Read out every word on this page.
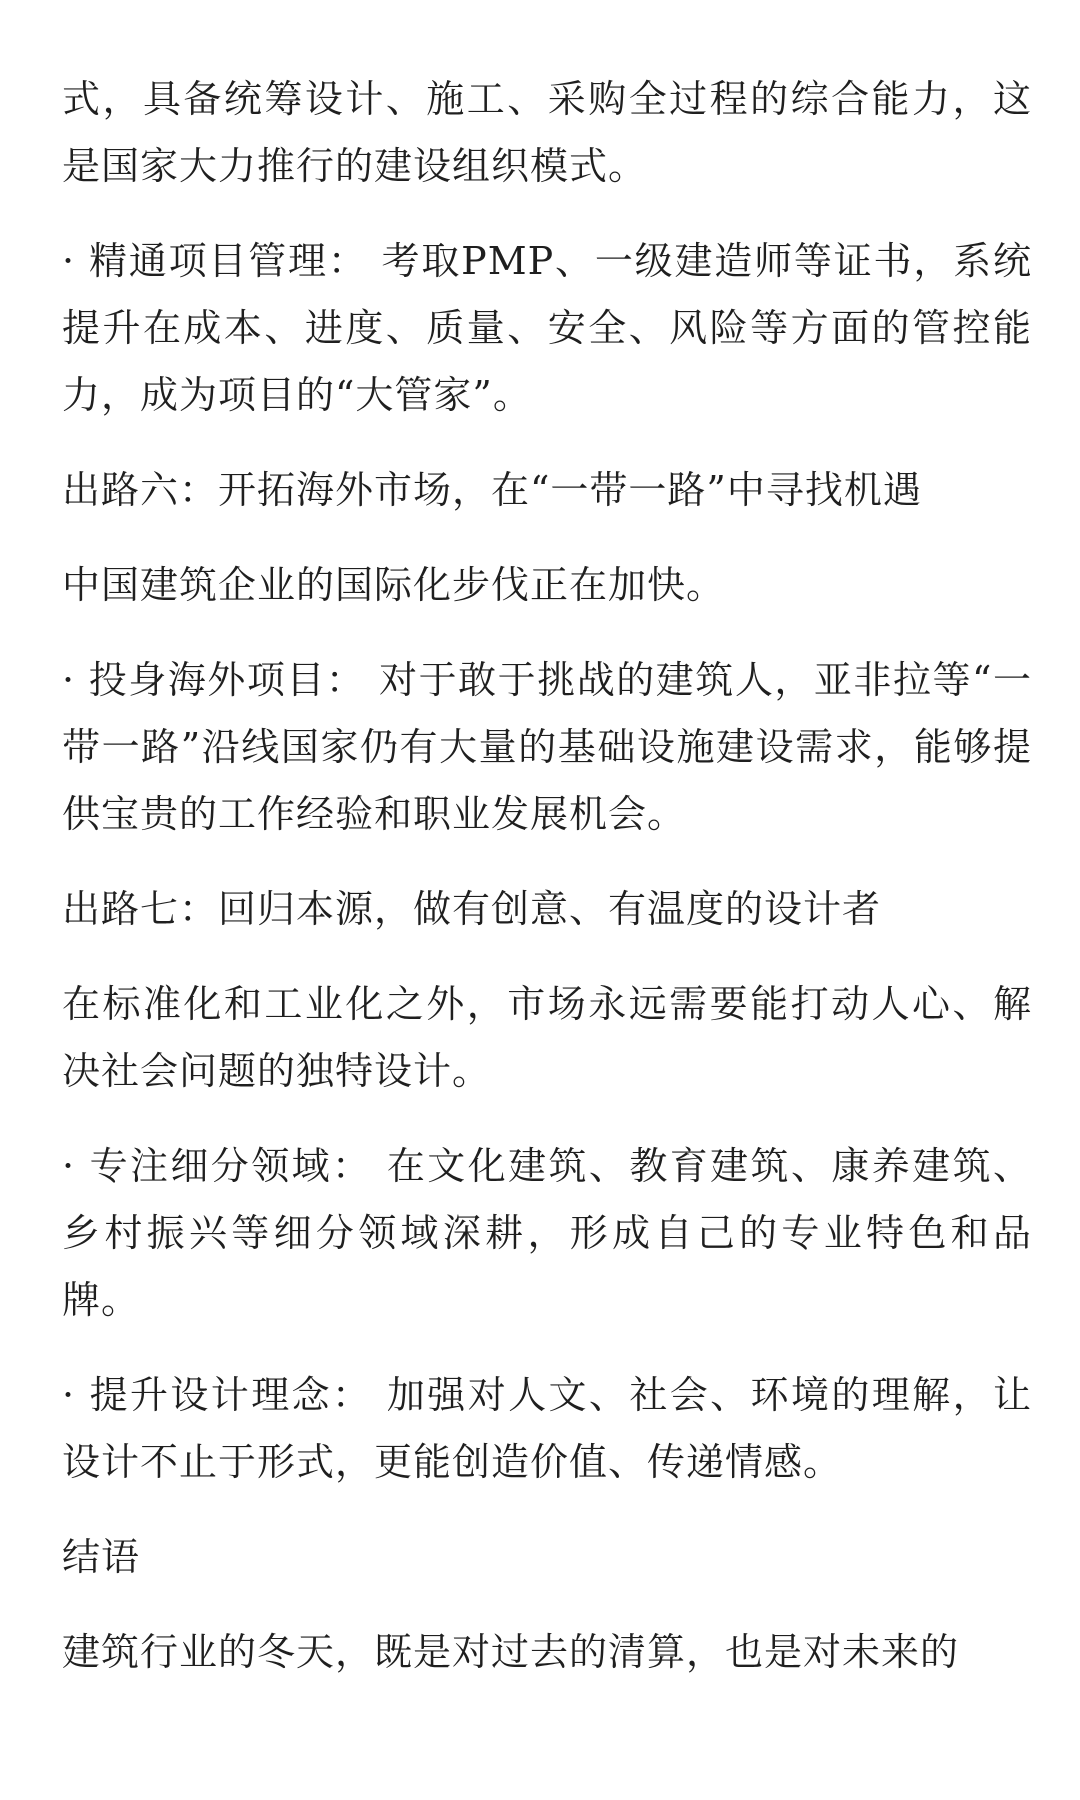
式，具备统筹设计、施工、采购全过程的综合能力，这是国家大力推行的建设组织模式。

· 精通项目管理： 考取PMP、一级建造师等证书，系统提升在成本、进度、质量、安全、风险等方面的管控能力，成为项目的“大管家”。

出路六：开拓海外市场，在“一带一路”中寻找机遇

中国建筑企业的国际化步伐正在加快。

· 投身海外项目： 对于敢于挑战的建筑人，亚非拉等“一带一路”沿线国家仍有大量的基础设施建设需求，能够提供宝贵的工作经验和职业发展机会。

出路七：回归本源，做有创意、有温度的设计者

在标准化和工业化之外，市场永远需要能打动人心、解决社会问题的独特设计。

· 专注细分领域： 在文化建筑、教育建筑、康养建筑、乡村振兴等细分领域深耕，形成自己的专业特色和品牌。

· 提升设计理念： 加强对人文、社会、环境的理解，让设计不止于形式，更能创造价值、传递情感。

结语

建筑行业的冬天，既是对过去的清算，也是对未来的
